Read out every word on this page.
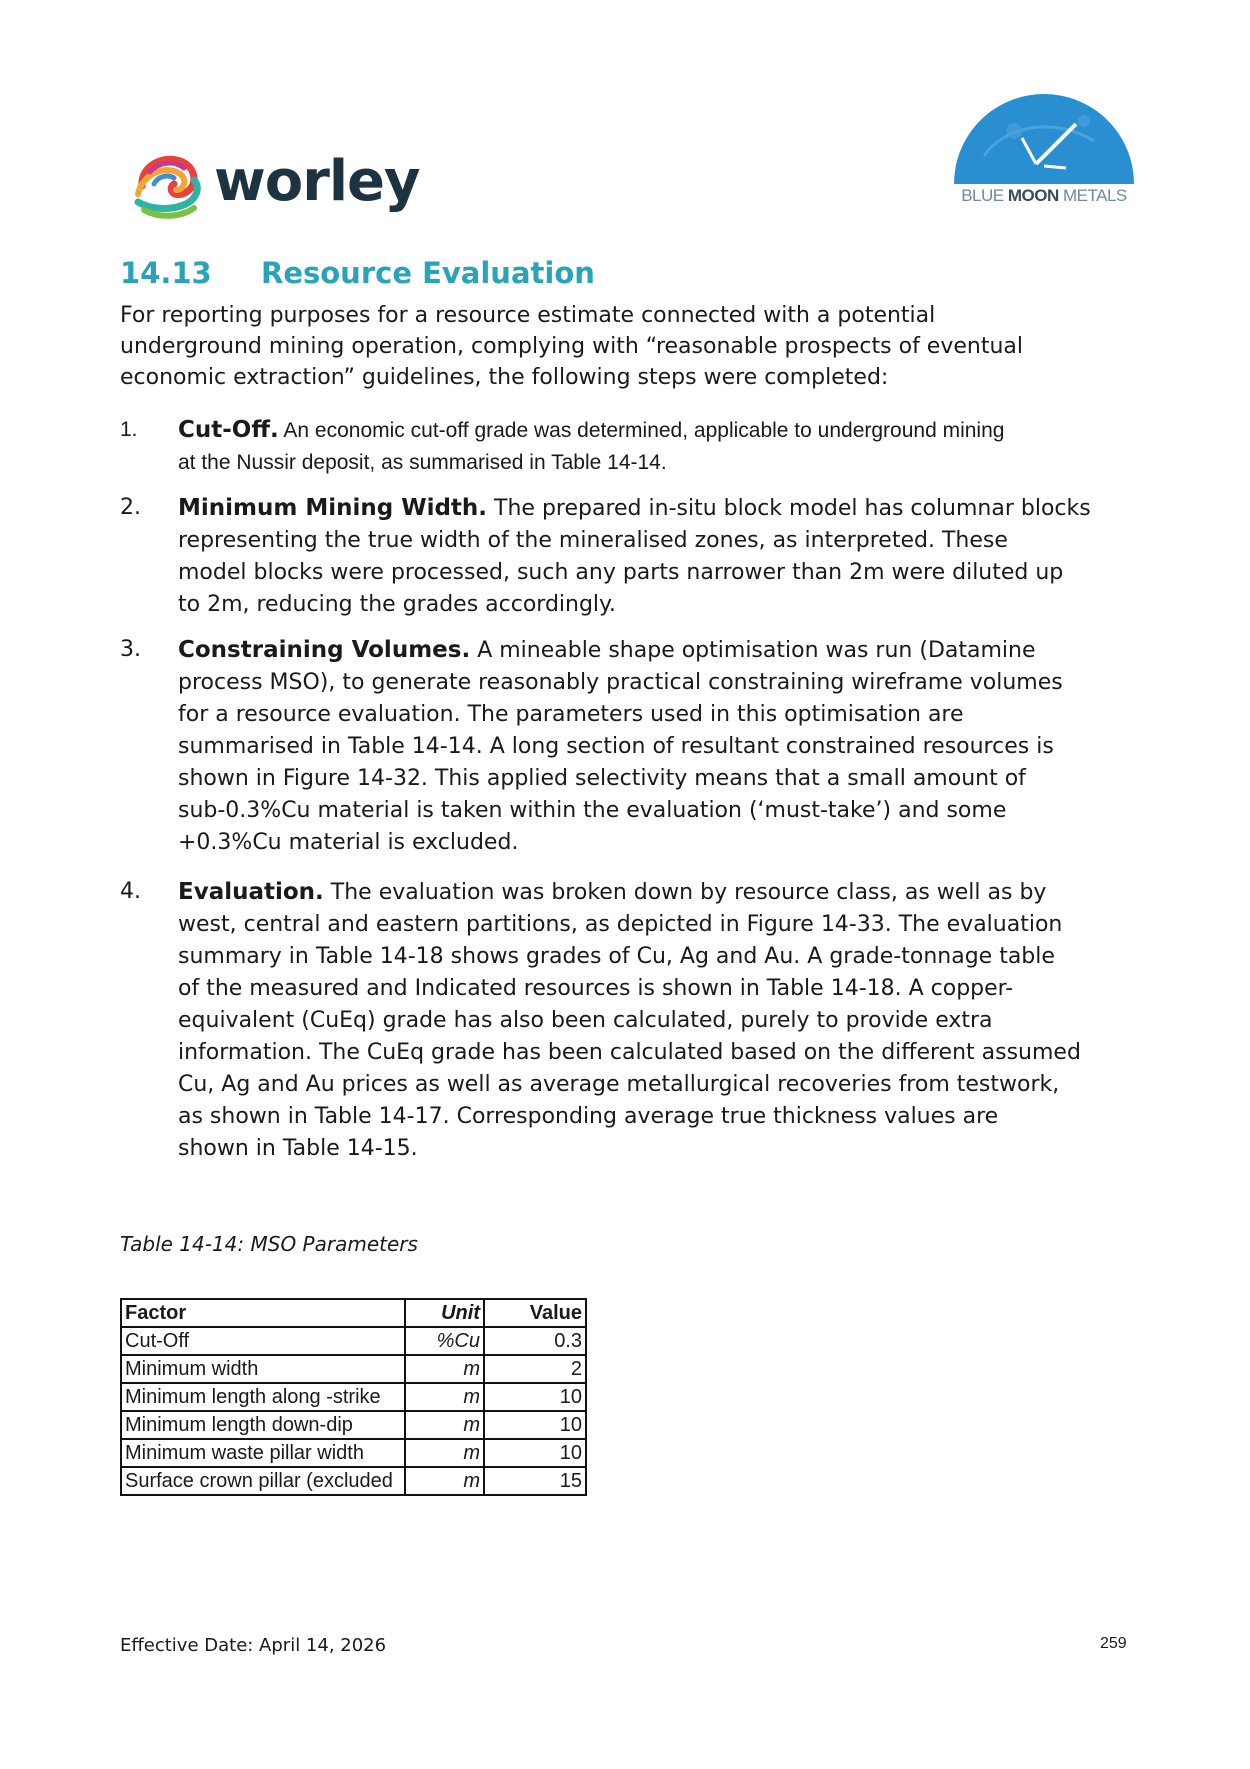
worley	BLUE MOON METALS
14.13 Resource Evaluation
For reporting purposes for a resource estimate connected with a potential
underground mining operation, complying with “reasonable prospects of eventual
economic extraction” guidelines, the following steps were completed:
1.	Cut-Off. An economic cut-off grade was determined, applicable to underground mining
at the Nussir deposit, as summarised in Table 14-14.
2.	Minimum Mining Width. The prepared in-situ block model has columnar blocks
representing the true width of the mineralised zones, as interpreted. These
model blocks were processed, such any parts narrower than 2m were diluted up
to 2m, reducing the grades accordingly.
3.	Constraining Volumes. A mineable shape optimisation was run (Datamine
process MSO), to generate reasonably practical constraining wireframe volumes
for a resource evaluation. The parameters used in this optimisation are
summarised in Table 14-14. A long section of resultant constrained resources is
shown in Figure 14-32. This applied selectivity means that a small amount of
sub-0.3%Cu material is taken within the evaluation (‘must-take’) and some
+0.3%Cu material is excluded.
4.	Evaluation. The evaluation was broken down by resource class, as well as by
west, central and eastern partitions, as depicted in Figure 14-33. The evaluation
summary in Table 14-18 shows grades of Cu, Ag and Au. A grade-tonnage table
of the measured and Indicated resources is shown in Table 14-18. A copper-
equivalent (CuEq) grade has also been calculated, purely to provide extra
information. The CuEq grade has been calculated based on the different assumed
Cu, Ag and Au prices as well as average metallurgical recoveries from testwork,
as shown in Table 14-17. Corresponding average true thickness values are
shown in Table 14-15.
Table 14-14: MSO Parameters
Factor	Unit	Value
Cut-Off	%Cu	0.3
Minimum width	m	2
Minimum length along -strike	m	10
Minimum length down-dip	m	10
Minimum waste pillar width	m	10
Surface crown pillar (excluded	m	15
Effective Date: April 14, 2026	259
